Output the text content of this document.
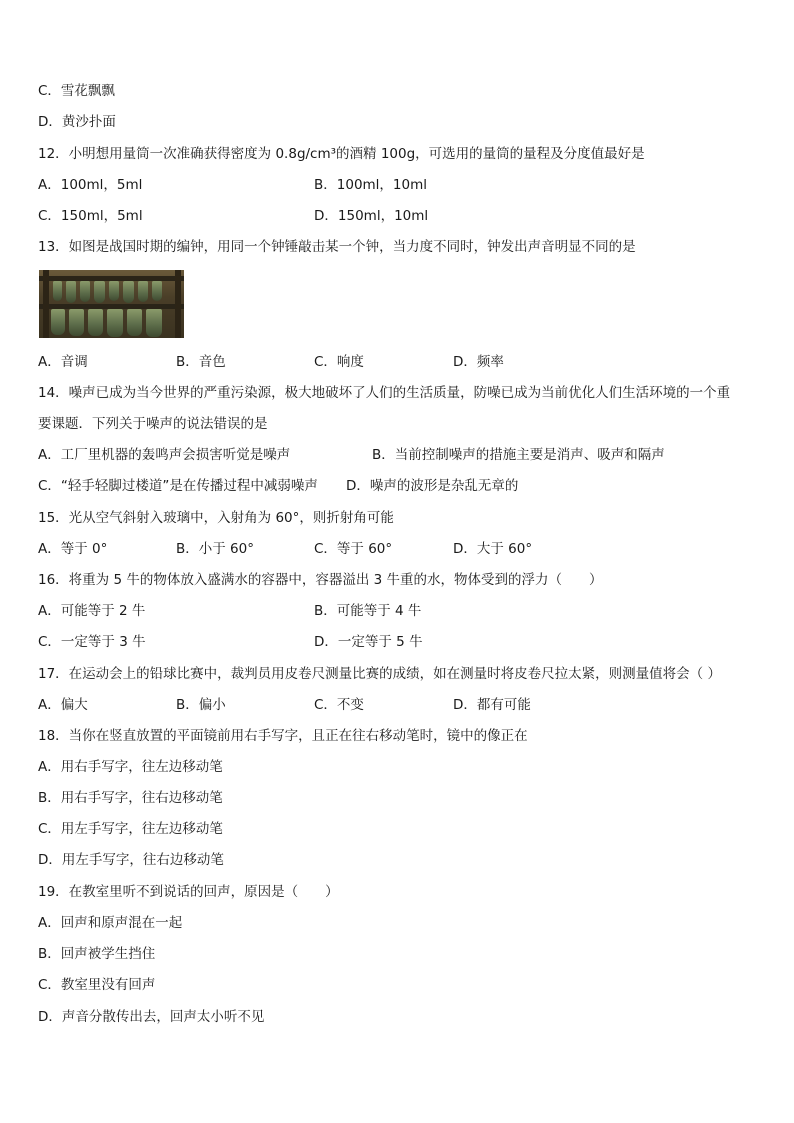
C．雪花飘飘
D．黄沙扑面
12．小明想用量筒一次准确获得密度为 0.8g/cm³的酒精 100g，可选用的量筒的量程及分度值最好是
A．100ml，5ml	B．100ml，10ml
C．150ml，5ml	D．150ml，10ml
13．如图是战国时期的编钟，用同一个钟锤敲击某一个钟，当力度不同时，钟发出声音明显不同的是
A．音调	B．音色	C．响度	D．频率
14．噪声已成为当今世界的严重污染源，极大地破坏了人们的生活质量，防噪已成为当前优化人们生活环境的一个重
要课题．下列关于噪声的说法错误的是
A．工厂里机器的轰鸣声会损害听觉是噪声	B．当前控制噪声的措施主要是消声、吸声和隔声
C．“轻手轻脚过楼道”是在传播过程中减弱噪声 D．噪声的波形是杂乱无章的
15．光从空气斜射入玻璃中，入射角为 60°，则折射角可能
A．等于 0°	B．小于 60°	C．等于 60°	D．大于 60°
16．将重为 5 牛的物体放入盛满水的容器中，容器溢出 3 牛重的水，物体受到的浮力（　　）
A．可能等于 2 牛	B．可能等于 4 牛
C．一定等于 3 牛	D．一定等于 5 牛
17．在运动会上的铅球比赛中，裁判员用皮卷尺测量比赛的成绩，如在测量时将皮卷尺拉太紧，则测量值将会（ ）
A．偏大	B．偏小	C．不变	D．都有可能
18．当你在竖直放置的平面镜前用右手写字，且正在往右移动笔时，镜中的像正在
A．用右手写字，往左边移动笔
B．用右手写字，往右边移动笔
C．用左手写字，往左边移动笔
D．用左手写字，往右边移动笔
19．在教室里听不到说话的回声，原因是（　　）
A．回声和原声混在一起
B．回声被学生挡住
C．教室里没有回声
D．声音分散传出去，回声太小听不见
